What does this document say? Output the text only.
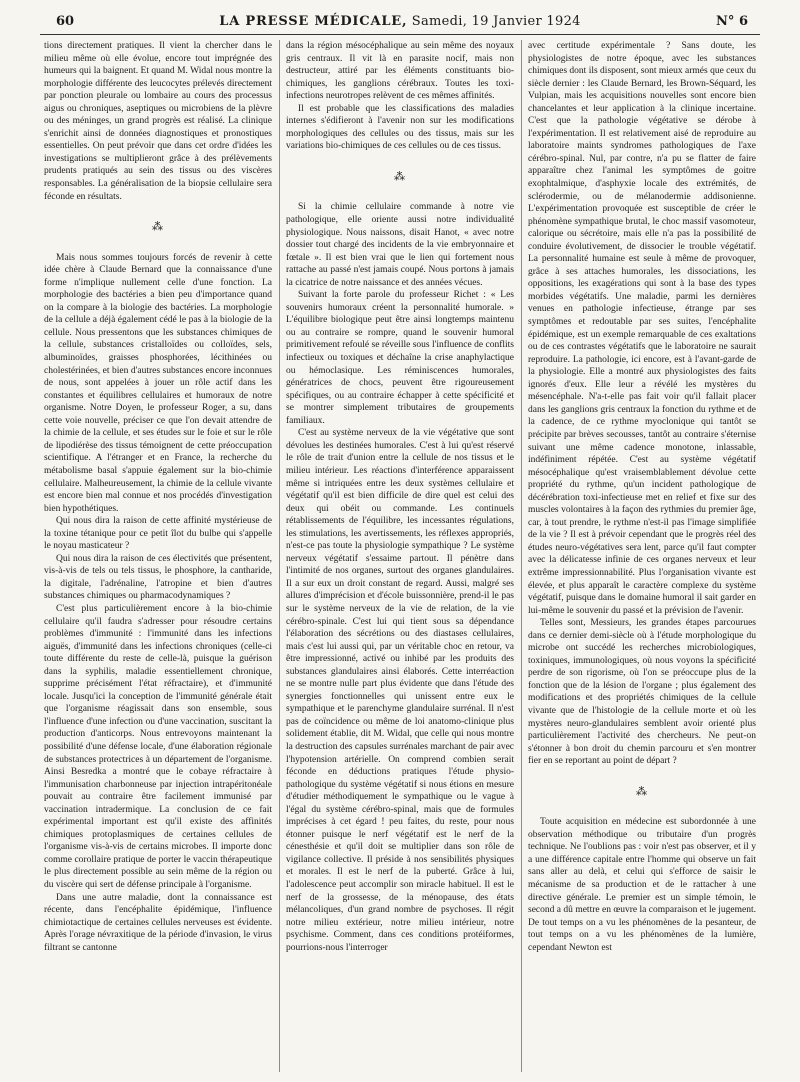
60	LA PRESSE MÉDICALE, Samedi, 19 Janvier 1924	N° 6

tions directement pratiques. Il vient la chercher dans le milieu même où elle évolue, encore tout imprégnée des humeurs qui la baignent. Et quand M. Widal nous montre la morphologie différente des leucocytes prélevés directement par ponction pleurale ou lombaire au cours des processus aigus ou chroniques, aseptiques ou microbiens de la plèvre ou des méninges, un grand progrès est réalisé. La clinique s'enrichit ainsi de données diagnostiques et pronostiques essentielles. On peut prévoir que dans cet ordre d'idées les investigations se multiplieront grâce à des prélèvements prudents pratiqués au sein des tissus ou des viscères responsables. La généralisation de la biopsie cellulaire sera féconde en résultats.

⁂

Mais nous sommes toujours forcés de revenir à cette idée chère à Claude Bernard que la connaissance d'une forme n'implique nullement celle d'une fonction. La morphologie des bactéries a bien peu d'importance quand on la compare à la biologie des bactéries. La morphologie de la cellule a déjà également cédé le pas à la biologie de la cellule. Nous pressentons que les substances chimiques de la cellule, substances cristalloïdes ou colloïdes, sels, albuminoïdes, graisses phosphorées, lécithinées ou cholestérinées, et bien d'autres substances encore inconnues de nous, sont appelées à jouer un rôle actif dans les constantes et équilibres cellulaires et humoraux de notre organisme. Notre Doyen, le professeur Roger, a su, dans cette voie nouvelle, préciser ce que l'on devait attendre de la chimie de la cellule, et ses études sur le foie et sur le rôle de lipodiérèse des tissus témoignent de cette préoccupation scientifique. A l'étranger et en France, la recherche du métabolisme basal s'appuie également sur la bio-chimie cellulaire. Malheureusement, la chimie de la cellule vivante est encore bien mal connue et nos procédés d'investigation bien hypothétiques.

Qui nous dira la raison de cette affinité mystérieuse de la toxine tétanique pour ce petit îlot du bulbe qui s'appelle le noyau masticateur ?

Qui nous dira la raison de ces électivités que présentent, vis-à-vis de tels ou tels tissus, le phosphore, la cantharide, la digitale, l'adrénaline, l'atropine et bien d'autres substances chimiques ou pharmacodynamiques ?

C'est plus particulièrement encore à la bio-chimie cellulaire qu'il faudra s'adresser pour résoudre certains problèmes d'immunité : l'immunité dans les infections aiguës, d'immunité dans les infections chroniques (celle-ci toute différente du reste de celle-là, puisque la guérison dans la syphilis, maladie essentiellement chronique, supprime précisément l'état réfractaire), et d'immunité locale. Jusqu'ici la conception de l'immunité générale était que l'organisme réagissait dans son ensemble, sous l'influence d'une infection ou d'une vaccination, suscitant la production d'anticorps. Nous entrevoyons maintenant la possibilité d'une défense locale, d'une élaboration régionale de substances protectrices à un département de l'organisme. Ainsi Besredka a montré que le cobaye réfractaire à l'immunisation charbonneuse par injection intrapéritonéale pouvait au contraire être facilement immunisé par vaccination intradermique. La conclusion de ce fait expérimental important est qu'il existe des affinités chimiques protoplasmiques de certaines cellules de l'organisme vis-à-vis de certains microbes. Il importe donc comme corollaire pratique de porter le vaccin thérapeutique le plus directement possible au sein même de la région ou du viscère qui sert de défense principale à l'organisme.

Dans une autre maladie, dont la connaissance est récente, dans l'encéphalite épidémique, l'influence chimiotactique de certaines cellules nerveuses est évidente. Après l'orage névraxitique de la période d'invasion, le virus filtrant se cantonne

dans la région mésocéphalique au sein même des noyaux gris centraux. Il vit là en parasite nocif, mais non destructeur, attiré par les éléments constituants bio-chimiques, les ganglions cérébraux. Toutes les toxi-infections neurotropes relèvent de ces mêmes affinités.

Il est probable que les classifications des maladies internes s'édifieront à l'avenir non sur les modifications morphologiques des cellules ou des tissus, mais sur les variations bio-chimiques de ces cellules ou de ces tissus.

⁂

Si la chimie cellulaire commande à notre vie pathologique, elle oriente aussi notre individualité physiologique. Nous naissons, disait Hanot, « avec notre dossier tout chargé des incidents de la vie embryonnaire et fœtale ». Il est bien vrai que le lien qui fortement nous rattache au passé n'est jamais coupé. Nous portons à jamais la cicatrice de notre naissance et des années vécues.

Suivant la forte parole du professeur Richet : « Les souvenirs humoraux créent la personnalité humorale. » L'équilibre biologique peut être ainsi longtemps maintenu ou au contraire se rompre, quand le souvenir humoral primitivement refoulé se réveille sous l'influence de conflits infectieux ou toxiques et déchaîne la crise anaphylactique ou hémoclasique. Les réminiscences humorales, génératrices de chocs, peuvent être rigoureusement spécifiques, ou au contraire échapper à cette spécificité et se montrer simplement tributaires de groupements familiaux.

C'est au système nerveux de la vie végétative que sont dévolues les destinées humorales. C'est à lui qu'est réservé le rôle de trait d'union entre la cellule de nos tissus et le milieu intérieur. Les réactions d'interférence apparaissent même si intriquées entre les deux systèmes cellulaire et végétatif qu'il est bien difficile de dire quel est celui des deux qui obéit ou commande. Les continuels rétablissements de l'équilibre, les incessantes régulations, les stimulations, les avertissements, les réflexes appropriés, n'est-ce pas toute la physiologie sympathique ? Le système nerveux végétatif s'essaime partout. Il pénètre dans l'intimité de nos organes, surtout des organes glandulaires. Il a sur eux un droit constant de regard. Aussi, malgré ses allures d'imprécision et d'école buissonnière, prend-il le pas sur le système nerveux de la vie de relation, de la vie cérébro-spinale. C'est lui qui tient sous sa dépendance l'élaboration des sécrétions ou des diastases cellulaires, mais c'est lui aussi qui, par un véritable choc en retour, va être impressionné, activé ou inhibé par les produits des substances glandulaires ainsi élaborés. Cette interréaction ne se montre nulle part plus évidente que dans l'étude des synergies fonctionnelles qui unissent entre eux le sympathique et le parenchyme glandulaire surrénal. Il n'est pas de coïncidence ou même de loi anatomo-clinique plus solidement établie, dit M. Widal, que celle qui nous montre la destruction des capsules surrénales marchant de pair avec l'hypotension artérielle. On comprend combien serait féconde en déductions pratiques l'étude physio-pathologique du système végétatif si nous étions en mesure d'étudier méthodiquement le sympathique ou le vague à l'égal du système cérébro-spinal, mais que de formules imprécises à cet égard ! peu faites, du reste, pour nous étonner puisque le nerf végétatif est le nerf de la cénesthésie et qu'il doit se multiplier dans son rôle de vigilance collective. Il préside à nos sensibilités physiques et morales. Il est le nerf de la puberté. Grâce à lui, l'adolescence peut accomplir son miracle habituel. Il est le nerf de la grossesse, de la ménopause, des états mélancoliques, d'un grand nombre de psychoses. Il régit notre milieu extérieur, notre milieu intérieur, notre psychisme. Comment, dans ces conditions protéiformes, pourrions-nous l'interroger

avec certitude expérimentale ? Sans doute, les physiologistes de notre époque, avec les substances chimiques dont ils disposent, sont mieux armés que ceux du siècle dernier : les Claude Bernard, les Brown-Séquard, les Vulpian, mais les acquisitions nouvelles sont encore bien chancelantes et leur application à la clinique incertaine. C'est que la pathologie végétative se dérobe à l'expérimentation. Il est relativement aisé de reproduire au laboratoire maints syndromes pathologiques de l'axe cérébro-spinal. Nul, par contre, n'a pu se flatter de faire apparaître chez l'animal les symptômes de goitre exophtalmique, d'asphyxie locale des extrémités, de sclérodermie, ou de mélanodermie addisonienne. L'expérimentation provoquée est susceptible de créer le phénomène sympathique brutal, le choc massif vasomoteur, calorique ou sécrétoire, mais elle n'a pas la possibilité de conduire évolutivement, de dissocier le trouble végétatif. La personnalité humaine est seule à même de provoquer, grâce à ses attaches humorales, les dissociations, les oppositions, les exagérations qui sont à la base des types morbides végétatifs. Une maladie, parmi les dernières venues en pathologie infectieuse, étrange par ses symptômes et redoutable par ses suites, l'encéphalite épidémique, est un exemple remarquable de ces exaltations ou de ces contrastes végétatifs que le laboratoire ne saurait reproduire. La pathologie, ici encore, est à l'avant-garde de la physiologie. Elle a montré aux physiologistes des faits ignorés d'eux. Elle leur a révélé les mystères du mésencéphale. N'a-t-elle pas fait voir qu'il fallait placer dans les ganglions gris centraux la fonction du rythme et de la cadence, de ce rythme myoclonique qui tantôt se précipite par brèves secousses, tantôt au contraire s'éternise suivant une même cadence monotone, inlassable, indéfiniment répétée. C'est au système végétatif mésocéphalique qu'est vraisemblablement dévolue cette propriété du rythme, qu'un incident pathologique de décérébration toxi-infectieuse met en relief et fixe sur des muscles volontaires à la façon des rythmies du premier âge, car, à tout prendre, le rythme n'est-il pas l'image simplifiée de la vie ? Il est à prévoir cependant que le progrès réel des études neuro-végétatives sera lent, parce qu'il faut compter avec la délicatesse infinie de ces organes nerveux et leur extrême impressionnabilité. Plus l'organisation vivante est élevée, et plus apparaît le caractère complexe du système végétatif, puisque dans le domaine humoral il sait garder en lui-même le souvenir du passé et la prévision de l'avenir.

Telles sont, Messieurs, les grandes étapes parcourues dans ce dernier demi-siècle où à l'étude morphologique du microbe ont succédé les recherches microbiologiques, toxiniques, immunologiques, où nous voyons la spécificité perdre de son rigorisme, où l'on se préoccupe plus de la fonction que de la lésion de l'organe ; plus également des modifications et des propriétés chimiques de la cellule vivante que de l'histologie de la cellule morte et où les mystères neuro-glandulaires semblent avoir orienté plus particulièrement l'activité des chercheurs. Ne peut-on s'étonner à bon droit du chemin parcouru et s'en montrer fier en se reportant au point de départ ?

⁂

Toute acquisition en médecine est subordonnée à une observation méthodique ou tributaire d'un progrès technique. Ne l'oublions pas : voir n'est pas observer, et il y a une différence capitale entre l'homme qui observe un fait sans aller au delà, et celui qui s'efforce de saisir le mécanisme de sa production et de le rattacher à une directive générale. Le premier est un simple témoin, le second a dû mettre en œuvre la comparaison et le jugement. De tout temps on a vu les phénomènes de la pesanteur, de tout temps on a vu les phénomènes de la lumière, cependant Newton est
